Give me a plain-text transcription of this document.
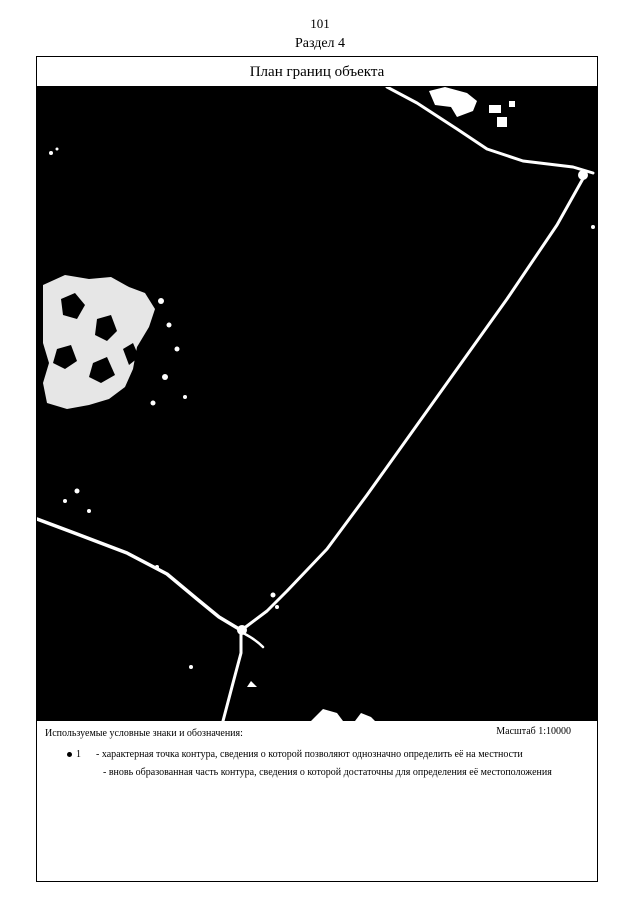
101
Раздел 4
План границ объекта
Используемые условные знаки и обозначения:	Масштаб 1:10000
1	- характерная точка контура, сведения о которой позволяют однозначно определить её на местности
- вновь образованная часть контура, сведения о которой достаточны для определения её местоположения
